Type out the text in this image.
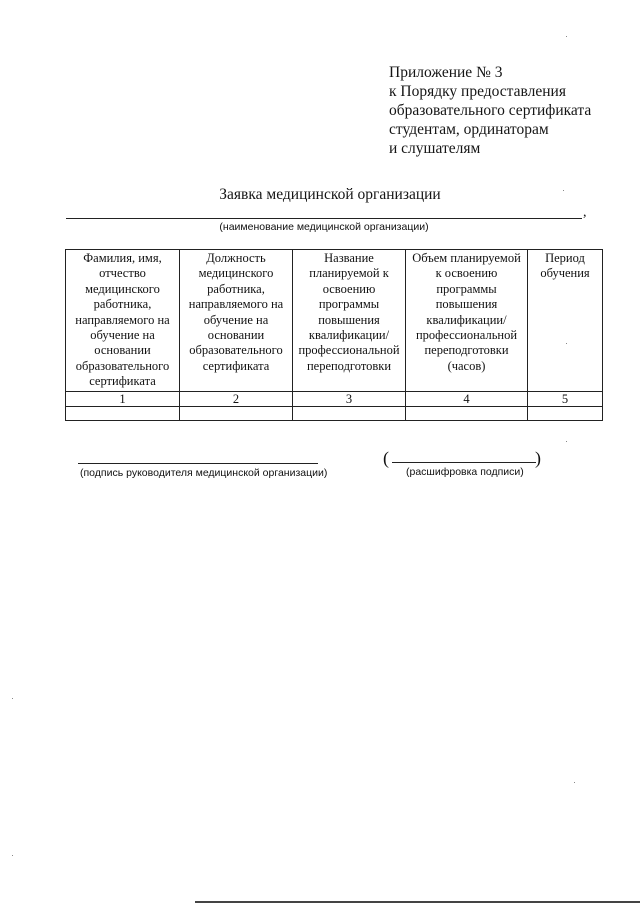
Приложение № 3
к Порядку предоставления
образовательного сертификата
студентам, ординаторам
и слушателям
Заявка медицинской организации
,
(наименование медицинской организации)
Фамилия, имя, отчество медицинского работника, направляемого на обучение на основании образовательного сертификата	Должность медицинского работника, направляемого на обучение на основании образовательного сертификата	Название планируемой к освоению программы повышения квалификации/ профессиональной переподготовки	Объем планируемой к освоению программы повышения квалификации/ профессиональной переподготовки (часов)	Период обучения
1	2	3	4	5

(подпись руководителя медицинской организации)
(	)
(расшифровка подписи)
